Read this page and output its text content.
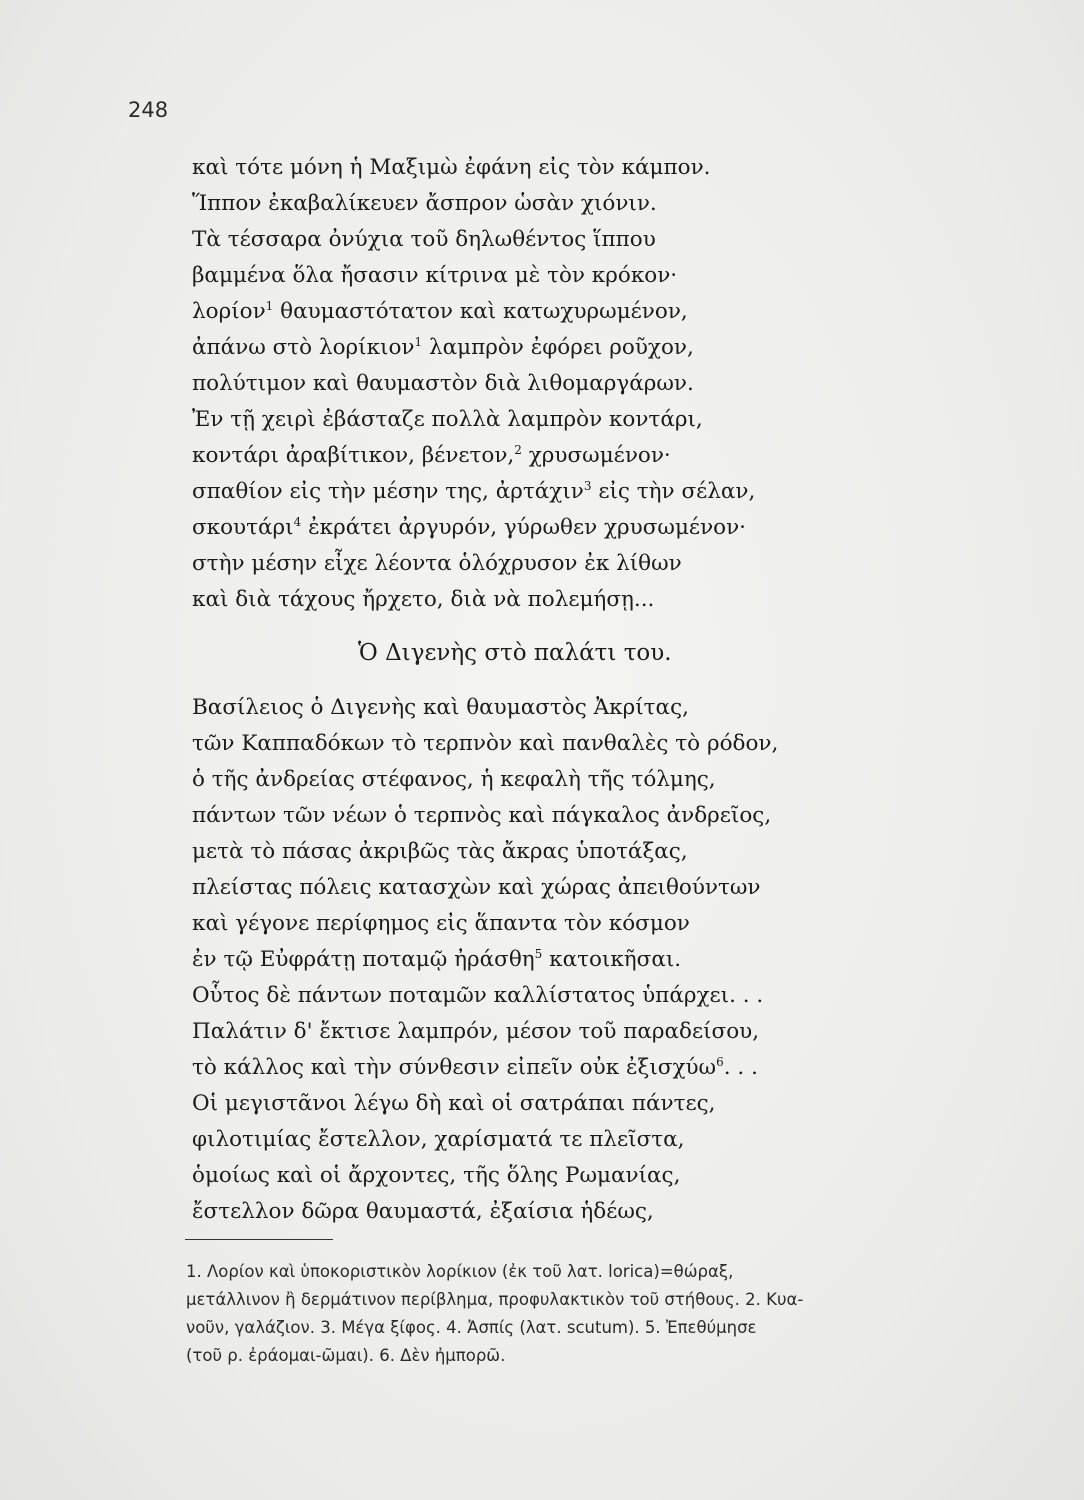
248
καὶ τότε μόνη ἡ Μαξιμὼ ἐφάνη εἰς τὸν κάμπον.
Ἵππον ἐκαβαλίκευεν ἄσπρον ὡσὰν χιόνιν.
Τὰ τέσσαρα ὀνύχια τοῦ δηλωθέντος ἵππου
βαμμένα ὅλα ἤσασιν κίτρινα μὲ τὸν κρόκον·
λορίον$^1$ θαυμαστότατον καὶ κατωχυρωμένον,
ἀπάνω στὸ λορίκιον$^1$ λαμπρὸν ἐφόρει ροῦχον,
πολύτιμον καὶ θαυμαστὸν διὰ λιθομαργάρων.
Ἐν τῇ χειρὶ ἐβάσταζε πολλὰ λαμπρὸν κοντάρι,
κοντάρι ἀραβίτικον, βένετον,$^2$ χρυσωμένον·
σπαθίον εἰς τὴν μέσην της, ἀρτάχιν$^3$ εἰς τὴν σέλαν,
σκουτάρι$^4$ ἐκράτει ἀργυρόν, γύρωθεν χρυσωμένον·
στὴν μέσην εἶχε λέοντα ὁλόχρυσον ἐκ λίθων
καὶ διὰ τάχους ἤρχετο, διὰ νὰ πολεμήσῃ...
Ὁ Διγενὴς στὸ παλάτι του.
Βασίλειος ὁ Διγενὴς καὶ θαυμαστὸς Ἀκρίτας,
τῶν Καππαδόκων τὸ τερπνὸν καὶ πανθαλὲς τὸ ρόδον,
ὁ τῆς ἀνδρείας στέφανος, ἡ κεφαλὴ τῆς τόλμης,
πάντων τῶν νέων ὁ τερπνὸς καὶ πάγκαλος ἀνδρεῖος,
μετὰ τὸ πάσας ἀκριβῶς τὰς ἄκρας ὑποτάξας,
πλείστας πόλεις κατασχὼν καὶ χώρας ἀπειθούντων
καὶ γέγονε περίφημος εἰς ἅπαντα τὸν κόσμον
ἐν τῷ Εὐφράτῃ ποταμῷ ἠράσθη$^5$ κατοικῆσαι.
Οὗτος δὲ πάντων ποταμῶν καλλίστατος ὑπάρχει. . .
Παλάτιν δ' ἔκτισε λαμπρόν, μέσον τοῦ παραδείσου,
τὸ κάλλος καὶ τὴν σύνθεσιν εἰπεῖν οὐκ ἐξισχύω$^6$. . .
Οἱ μεγιστᾶνοι λέγω δὴ καὶ οἱ σατράπαι πάντες,
φιλοτιμίας ἔστελλον, χαρίσματά τε πλεῖστα,
ὁμοίως καὶ οἱ ἄρχοντες, τῆς ὅλης Ρωμανίας,
ἔστελλον δῶρα θαυμαστά, ἐξαίσια ἡδέως,
1. Λορίον καὶ ὑποκοριστικὸν λορίκιον (ἐκ τοῦ λατ. lorica)=θώραξ,
μετάλλινον ἢ δερμάτινον περίβλημα, προφυλακτικὸν τοῦ στήθους. 2. Κυα-
νοῦν, γαλάζιον. 3. Μέγα ξίφος. 4. Ἀσπίς (λατ. scutum). 5. Ἐπεθύμησε
(τοῦ ρ. ἐράομαι-ῶμαι). 6. Δὲν ἠμπορῶ.
